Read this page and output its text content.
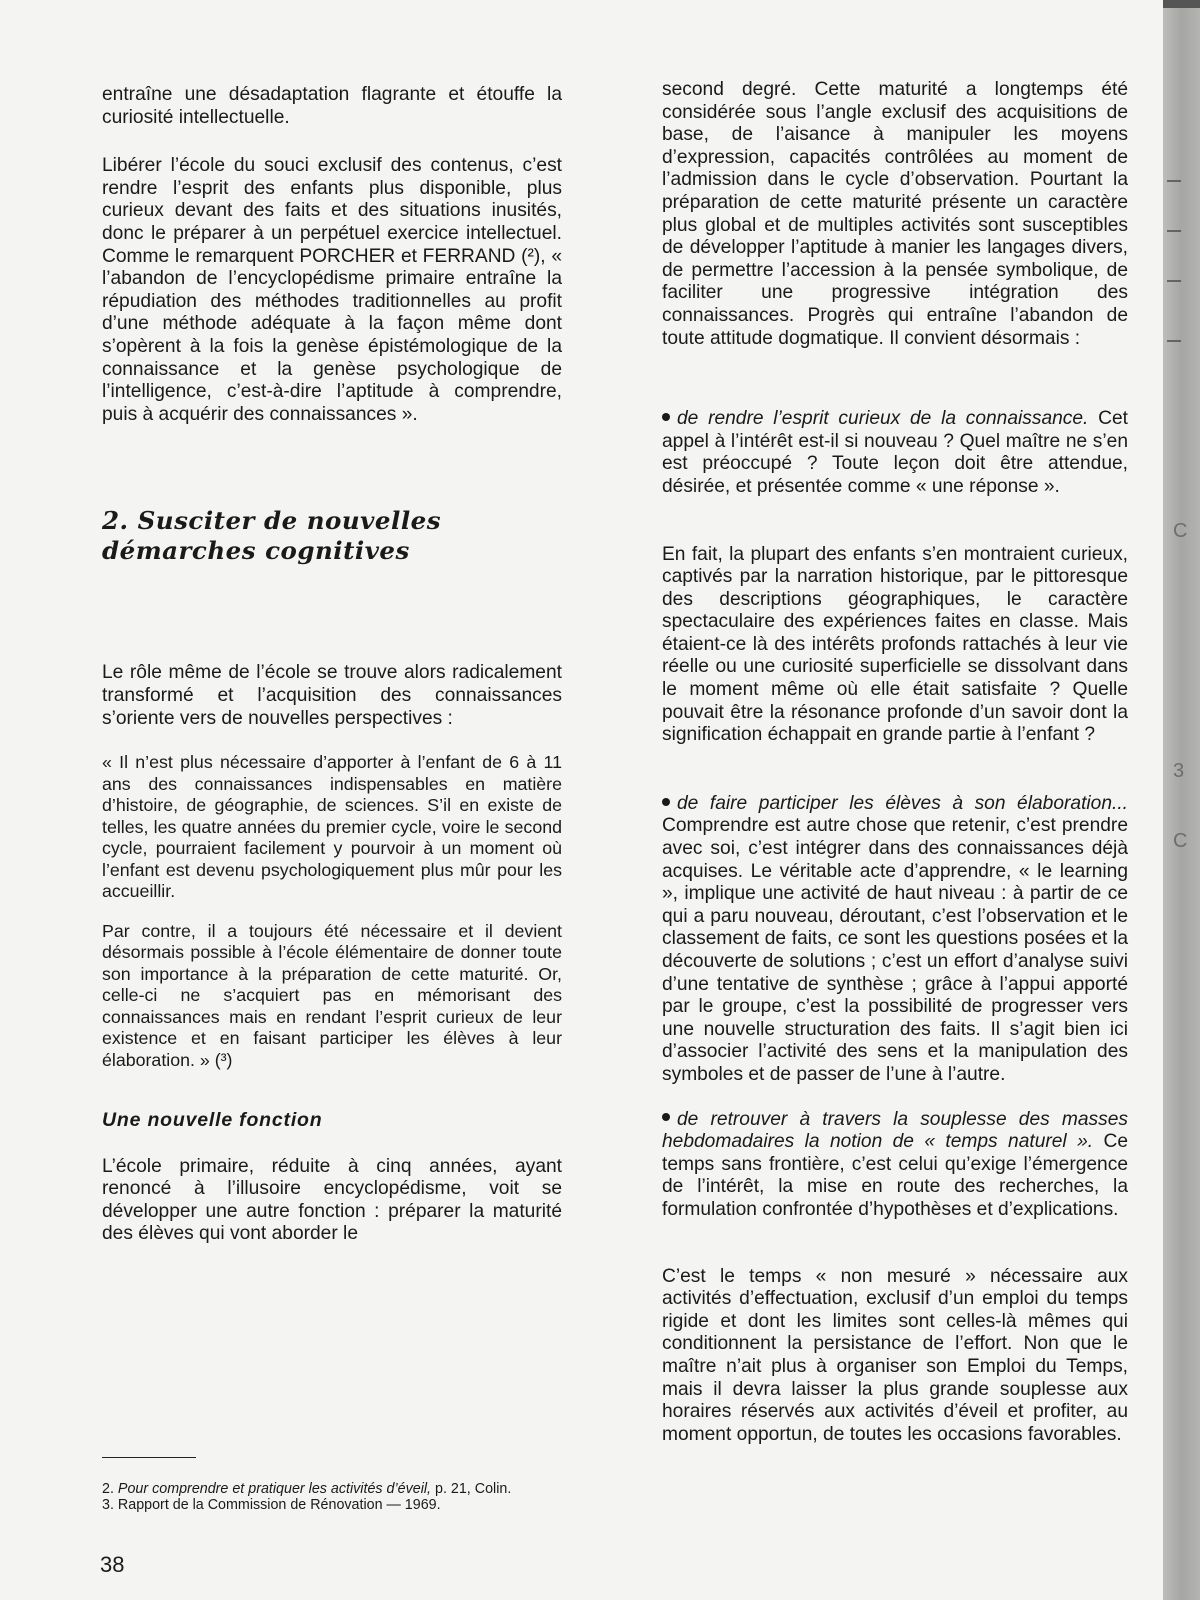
entraîne une désadaptation flagrante et étouffe la curiosité intellectuelle.

Libérer l’école du souci exclusif des contenus, c’est rendre l’esprit des enfants plus disponible, plus curieux devant des faits et des situations inusités, donc le préparer à un perpétuel exercice intellectuel. Comme le remarquent PORCHER et FERRAND (²), « l’abandon de l’encyclopédisme primaire entraîne la répudiation des méthodes traditionnelles au profit d’une méthode adéquate à la façon même dont s’opèrent à la fois la genèse épistémologique de la connaissance et la genèse psychologique de l’intelligence, c’est-à-dire l’aptitude à comprendre, puis à acquérir des connaissances ».

2. Susciter de nouvelles démarches cognitives

Le rôle même de l’école se trouve alors radicalement transformé et l’acquisition des connaissances s’oriente vers de nouvelles perspectives :

« Il n’est plus nécessaire d’apporter à l’enfant de 6 à 11 ans des connaissances indispensables en matière d’histoire, de géographie, de sciences. S’il en existe de telles, les quatre années du premier cycle, voire le second cycle, pourraient facilement y pourvoir à un moment où l’enfant est devenu psychologiquement plus mûr pour les accueillir.

Par contre, il a toujours été nécessaire et il devient désormais possible à l’école élémentaire de donner toute son importance à la préparation de cette maturité. Or, celle-ci ne s’acquiert pas en mémorisant des connaissances mais en rendant l’esprit curieux de leur existence et en faisant participer les élèves à leur élaboration. » (³)

Une nouvelle fonction

L’école primaire, réduite à cinq années, ayant renoncé à l’illusoire encyclopédisme, voit se développer une autre fonction : préparer la maturité des élèves qui vont aborder le

second degré. Cette maturité a longtemps été considérée sous l’angle exclusif des acquisitions de base, de l’aisance à manipuler les moyens d’expression, capacités contrôlées au moment de l’admission dans le cycle d’observation. Pourtant la préparation de cette maturité présente un caractère plus global et de multiples activités sont susceptibles de développer l’aptitude à manier les langages divers, de permettre l’accession à la pensée symbolique, de faciliter une progressive intégration des connaissances. Progrès qui entraîne l’abandon de toute attitude dogmatique. Il convient désormais :

de rendre l’esprit curieux de la connaissance. Cet appel à l’intérêt est-il si nouveau ? Quel maître ne s’en est préoccupé ? Toute leçon doit être attendue, désirée, et présentée comme « une réponse ».

En fait, la plupart des enfants s’en montraient curieux, captivés par la narration historique, par le pittoresque des descriptions géographiques, le caractère spectaculaire des expériences faites en classe. Mais étaient-ce là des intérêts profonds rattachés à leur vie réelle ou une curiosité superficielle se dissolvant dans le moment même où elle était satisfaite ? Quelle pouvait être la résonance profonde d’un savoir dont la signification échappait en grande partie à l’enfant ?

de faire participer les élèves à son élaboration... Comprendre est autre chose que retenir, c’est prendre avec soi, c’est intégrer dans des connaissances déjà acquises. Le véritable acte d’apprendre, « le learning », implique une activité de haut niveau : à partir de ce qui a paru nouveau, déroutant, c’est l’observation et le classement de faits, ce sont les questions posées et la découverte de solutions ; c’est un effort d’analyse suivi d’une tentative de synthèse ; grâce à l’appui apporté par le groupe, c’est la possibilité de progresser vers une nouvelle structuration des faits. Il s’agit bien ici d’associer l’activité des sens et la manipulation des symboles et de passer de l’une à l’autre.

de retrouver à travers la souplesse des masses hebdomadaires la notion de « temps naturel ». Ce temps sans frontière, c’est celui qu’exige l’émergence de l’intérêt, la mise en route des recherches, la formulation confrontée d’hypothèses et d’explications.

C’est le temps « non mesuré » nécessaire aux activités d’effectuation, exclusif d’un emploi du temps rigide et dont les limites sont celles-là mêmes qui conditionnent la persistance de l’effort. Non que le maître n’ait plus à organiser son Emploi du Temps, mais il devra laisser la plus grande souplesse aux horaires réservés aux activités d’éveil et profiter, au moment opportun, de toutes les occasions favorables.

2. Pour comprendre et pratiquer les activités d’éveil, p. 21, Colin.
3. Rapport de la Commission de Rénovation — 1969.
38
C
3
C
